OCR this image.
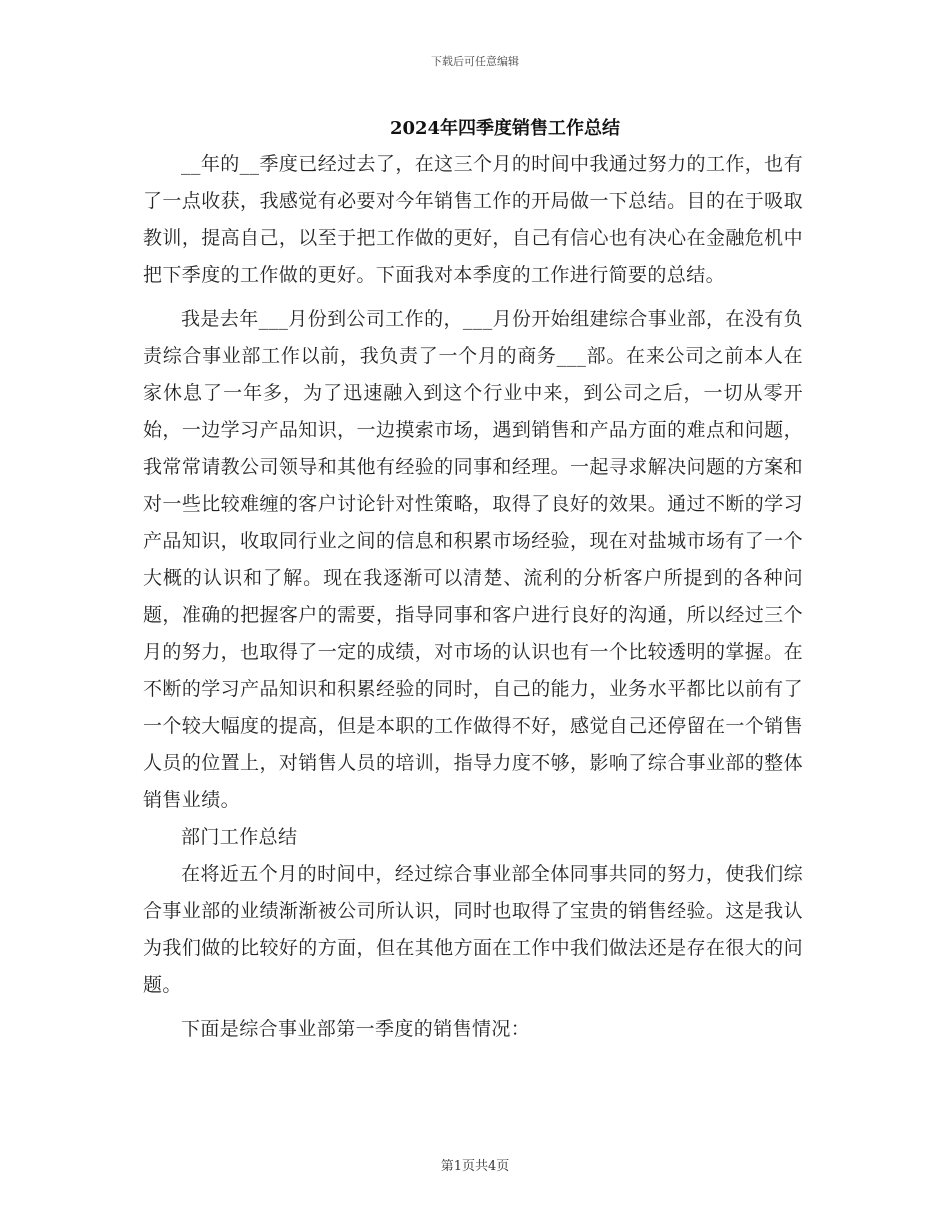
下载后可任意编辑
2024年四季度销售工作总结

__年的__季度已经过去了，在这三个月的时间中我通过努力的工作，也有了一点收获，我感觉有必要对今年销售工作的开局做一下总结。目的在于吸取教训，提高自己，以至于把工作做的更好，自己有信心也有决心在金融危机中把下季度的工作做的更好。下面我对本季度的工作进行简要的总结。

我是去年___月份到公司工作的，___月份开始组建综合事业部，在没有负责综合事业部工作以前，我负责了一个月的商务___部。在来公司之前本人在家休息了一年多，为了迅速融入到这个行业中来，到公司之后，一切从零开始，一边学习产品知识，一边摸索市场，遇到销售和产品方面的难点和问题，我常常请教公司领导和其他有经验的同事和经理。一起寻求解决问题的方案和对一些比较难缠的客户讨论针对性策略，取得了良好的效果。通过不断的学习产品知识，收取同行业之间的信息和积累市场经验，现在对盐城市场有了一个大概的认识和了解。现在我逐渐可以清楚、流利的分析客户所提到的各种问题，准确的把握客户的需要，指导同事和客户进行良好的沟通，所以经过三个月的努力，也取得了一定的成绩，对市场的认识也有一个比较透明的掌握。在不断的学习产品知识和积累经验的同时，自己的能力，业务水平都比以前有了一个较大幅度的提高，但是本职的工作做得不好，感觉自己还停留在一个销售人员的位置上，对销售人员的培训，指导力度不够，影响了综合事业部的整体销售业绩。

部门工作总结

在将近五个月的时间中，经过综合事业部全体同事共同的努力，使我们综合事业部的业绩渐渐被公司所认识，同时也取得了宝贵的销售经验。这是我认为我们做的比较好的方面，但在其他方面在工作中我们做法还是存在很大的问题。

下面是综合事业部第一季度的销售情况：

第1页共4页
